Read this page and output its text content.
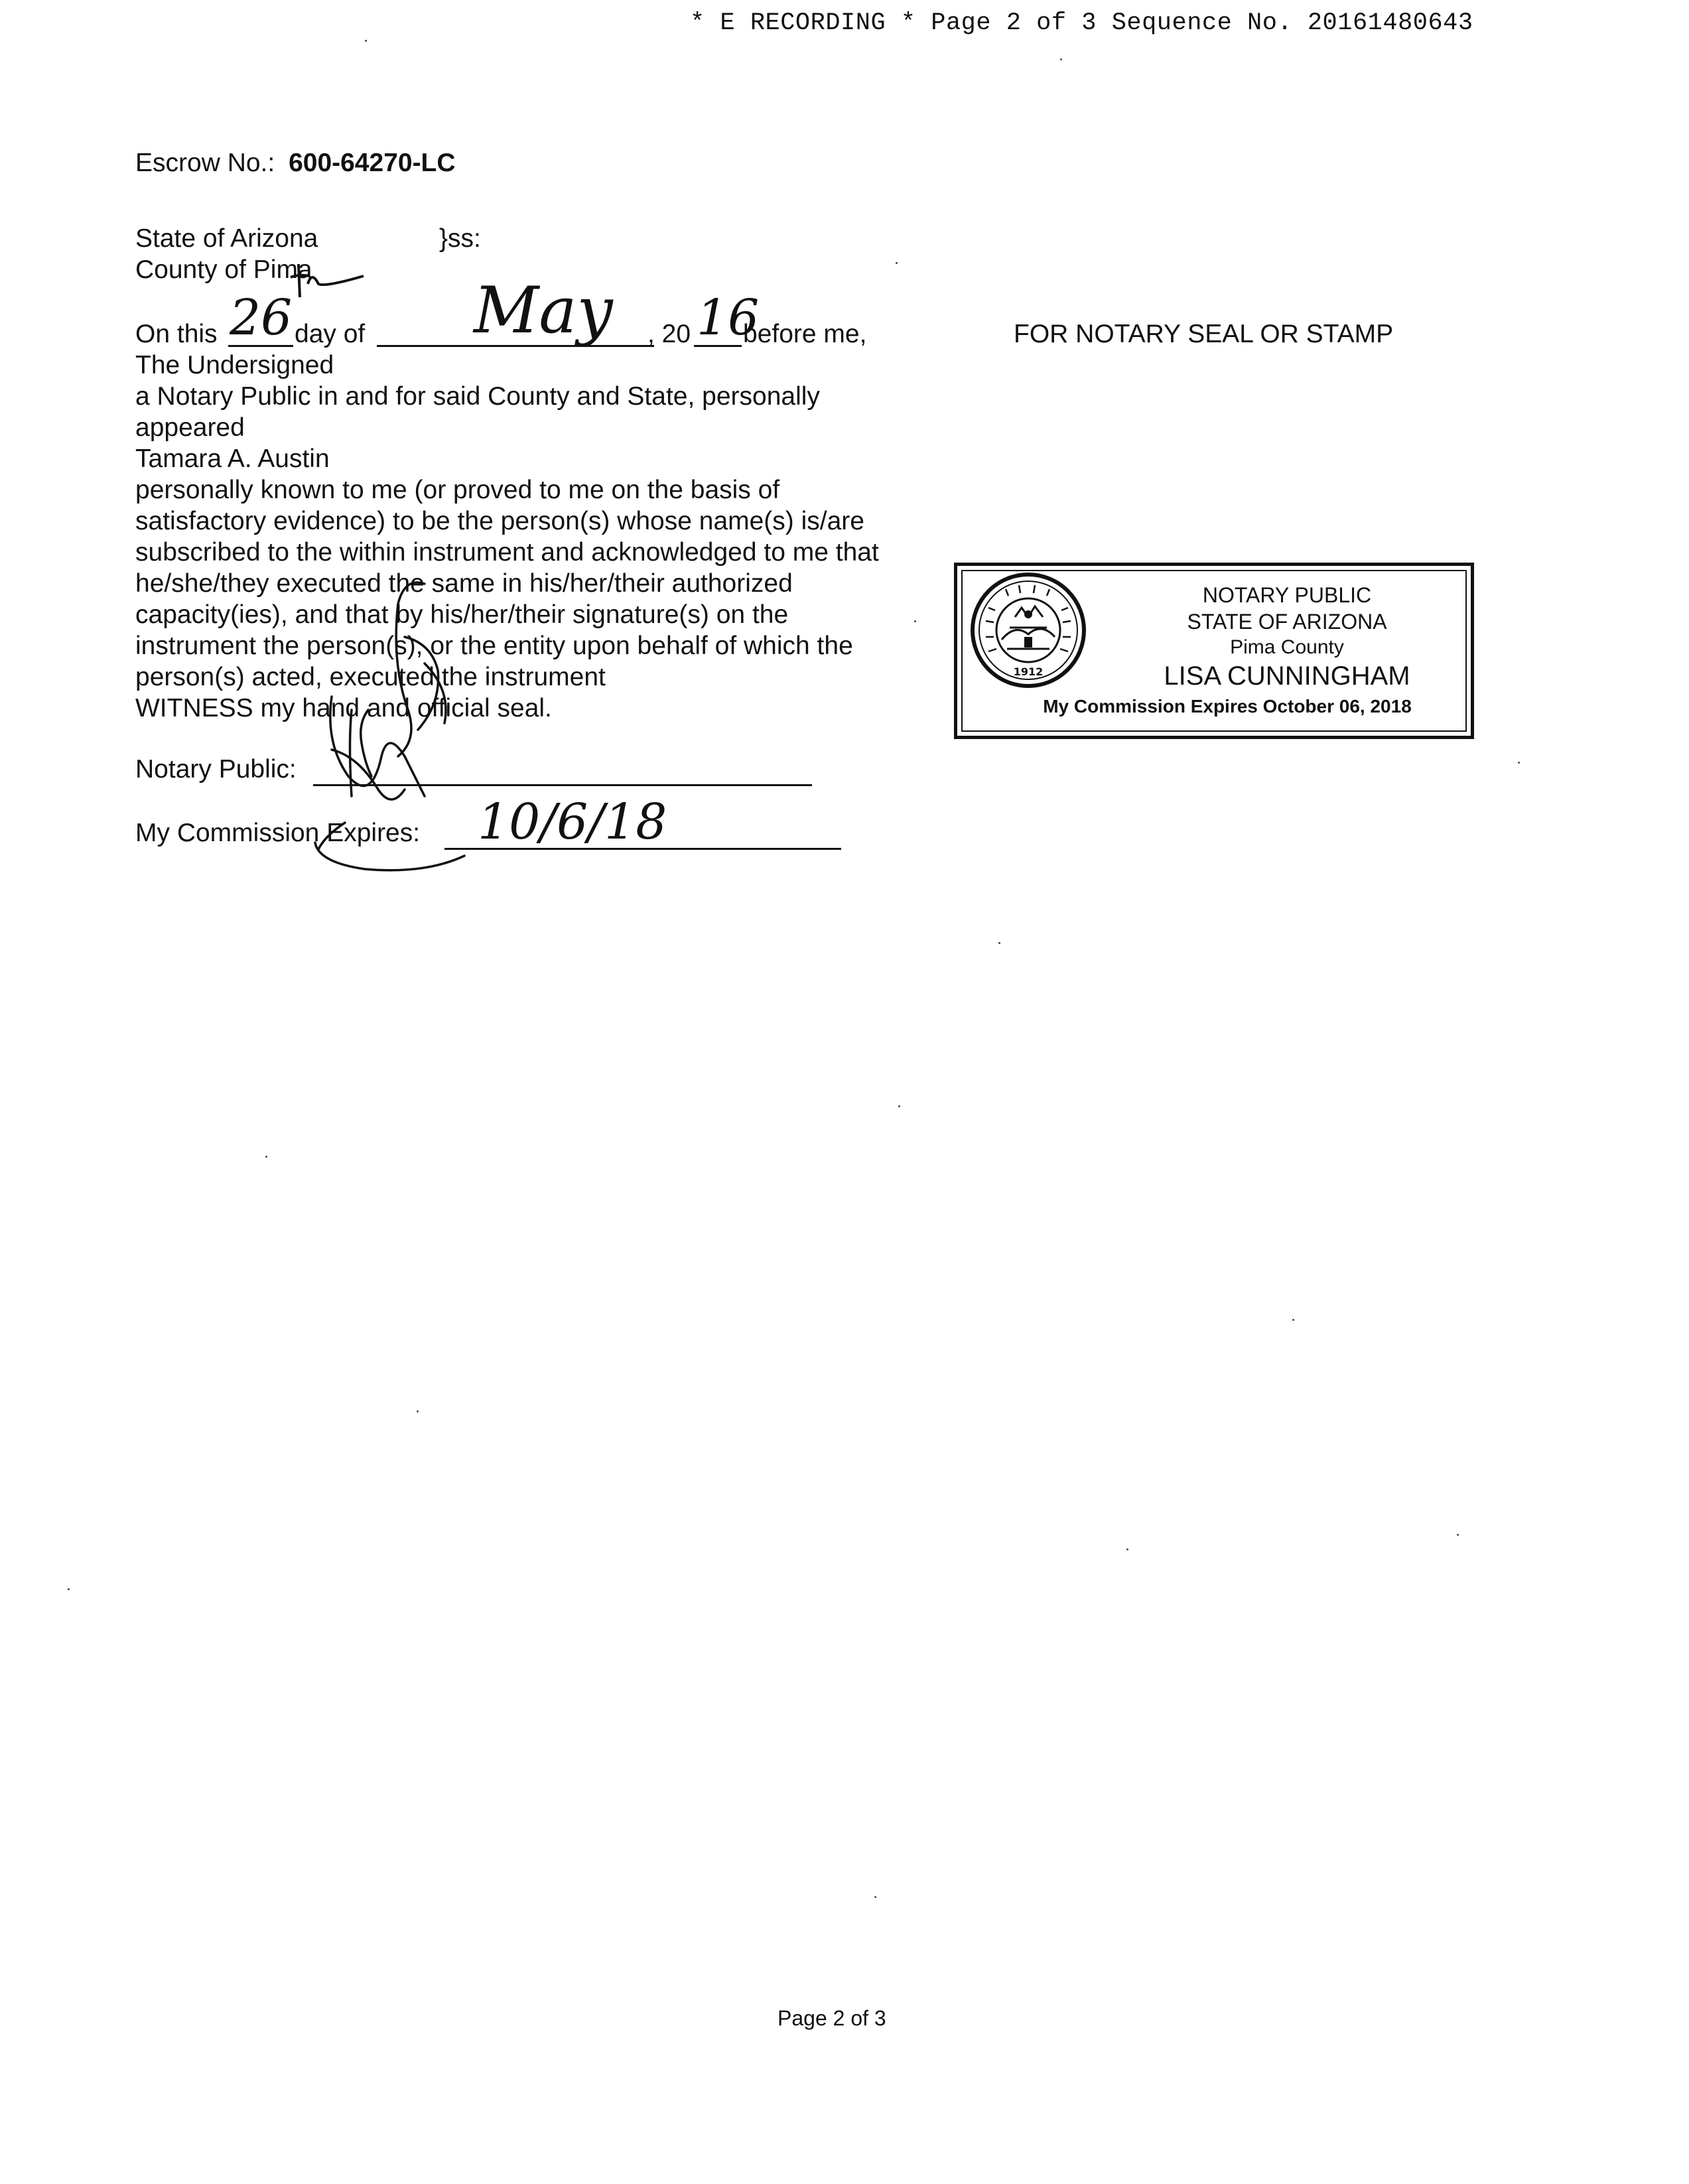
* E RECORDING * Page 2 of 3 Sequence No. 20161480643
Escrow No.: 600-64270-LC
State of Arizona	}ss:
County of Pima
On this 26 day of May , 20 16
before me,
The Undersigned
a Notary Public in and for said County and State, personally
appeared
Tamara A. Austin
personally known to me (or proved to me on the basis of
satisfactory evidence) to be the person(s) whose name(s) is/are
subscribed to the within instrument and acknowledged to me that
he/she/they executed the same in his/her/their authorized
capacity(ies), and that by his/her/their signature(s) on the
instrument the person(s), or the entity upon behalf of which the
person(s) acted, executed the instrument
WITNESS my hand and official seal.
Notary Public:
My Commission Expires: 10/6/18
FOR NOTARY SEAL OR STAMP
NOTARY PUBLIC
STATE OF ARIZONA
Pima County
LISA CUNNINGHAM
My Commission Expires October 06, 2018
1912
Page 2 of 3
